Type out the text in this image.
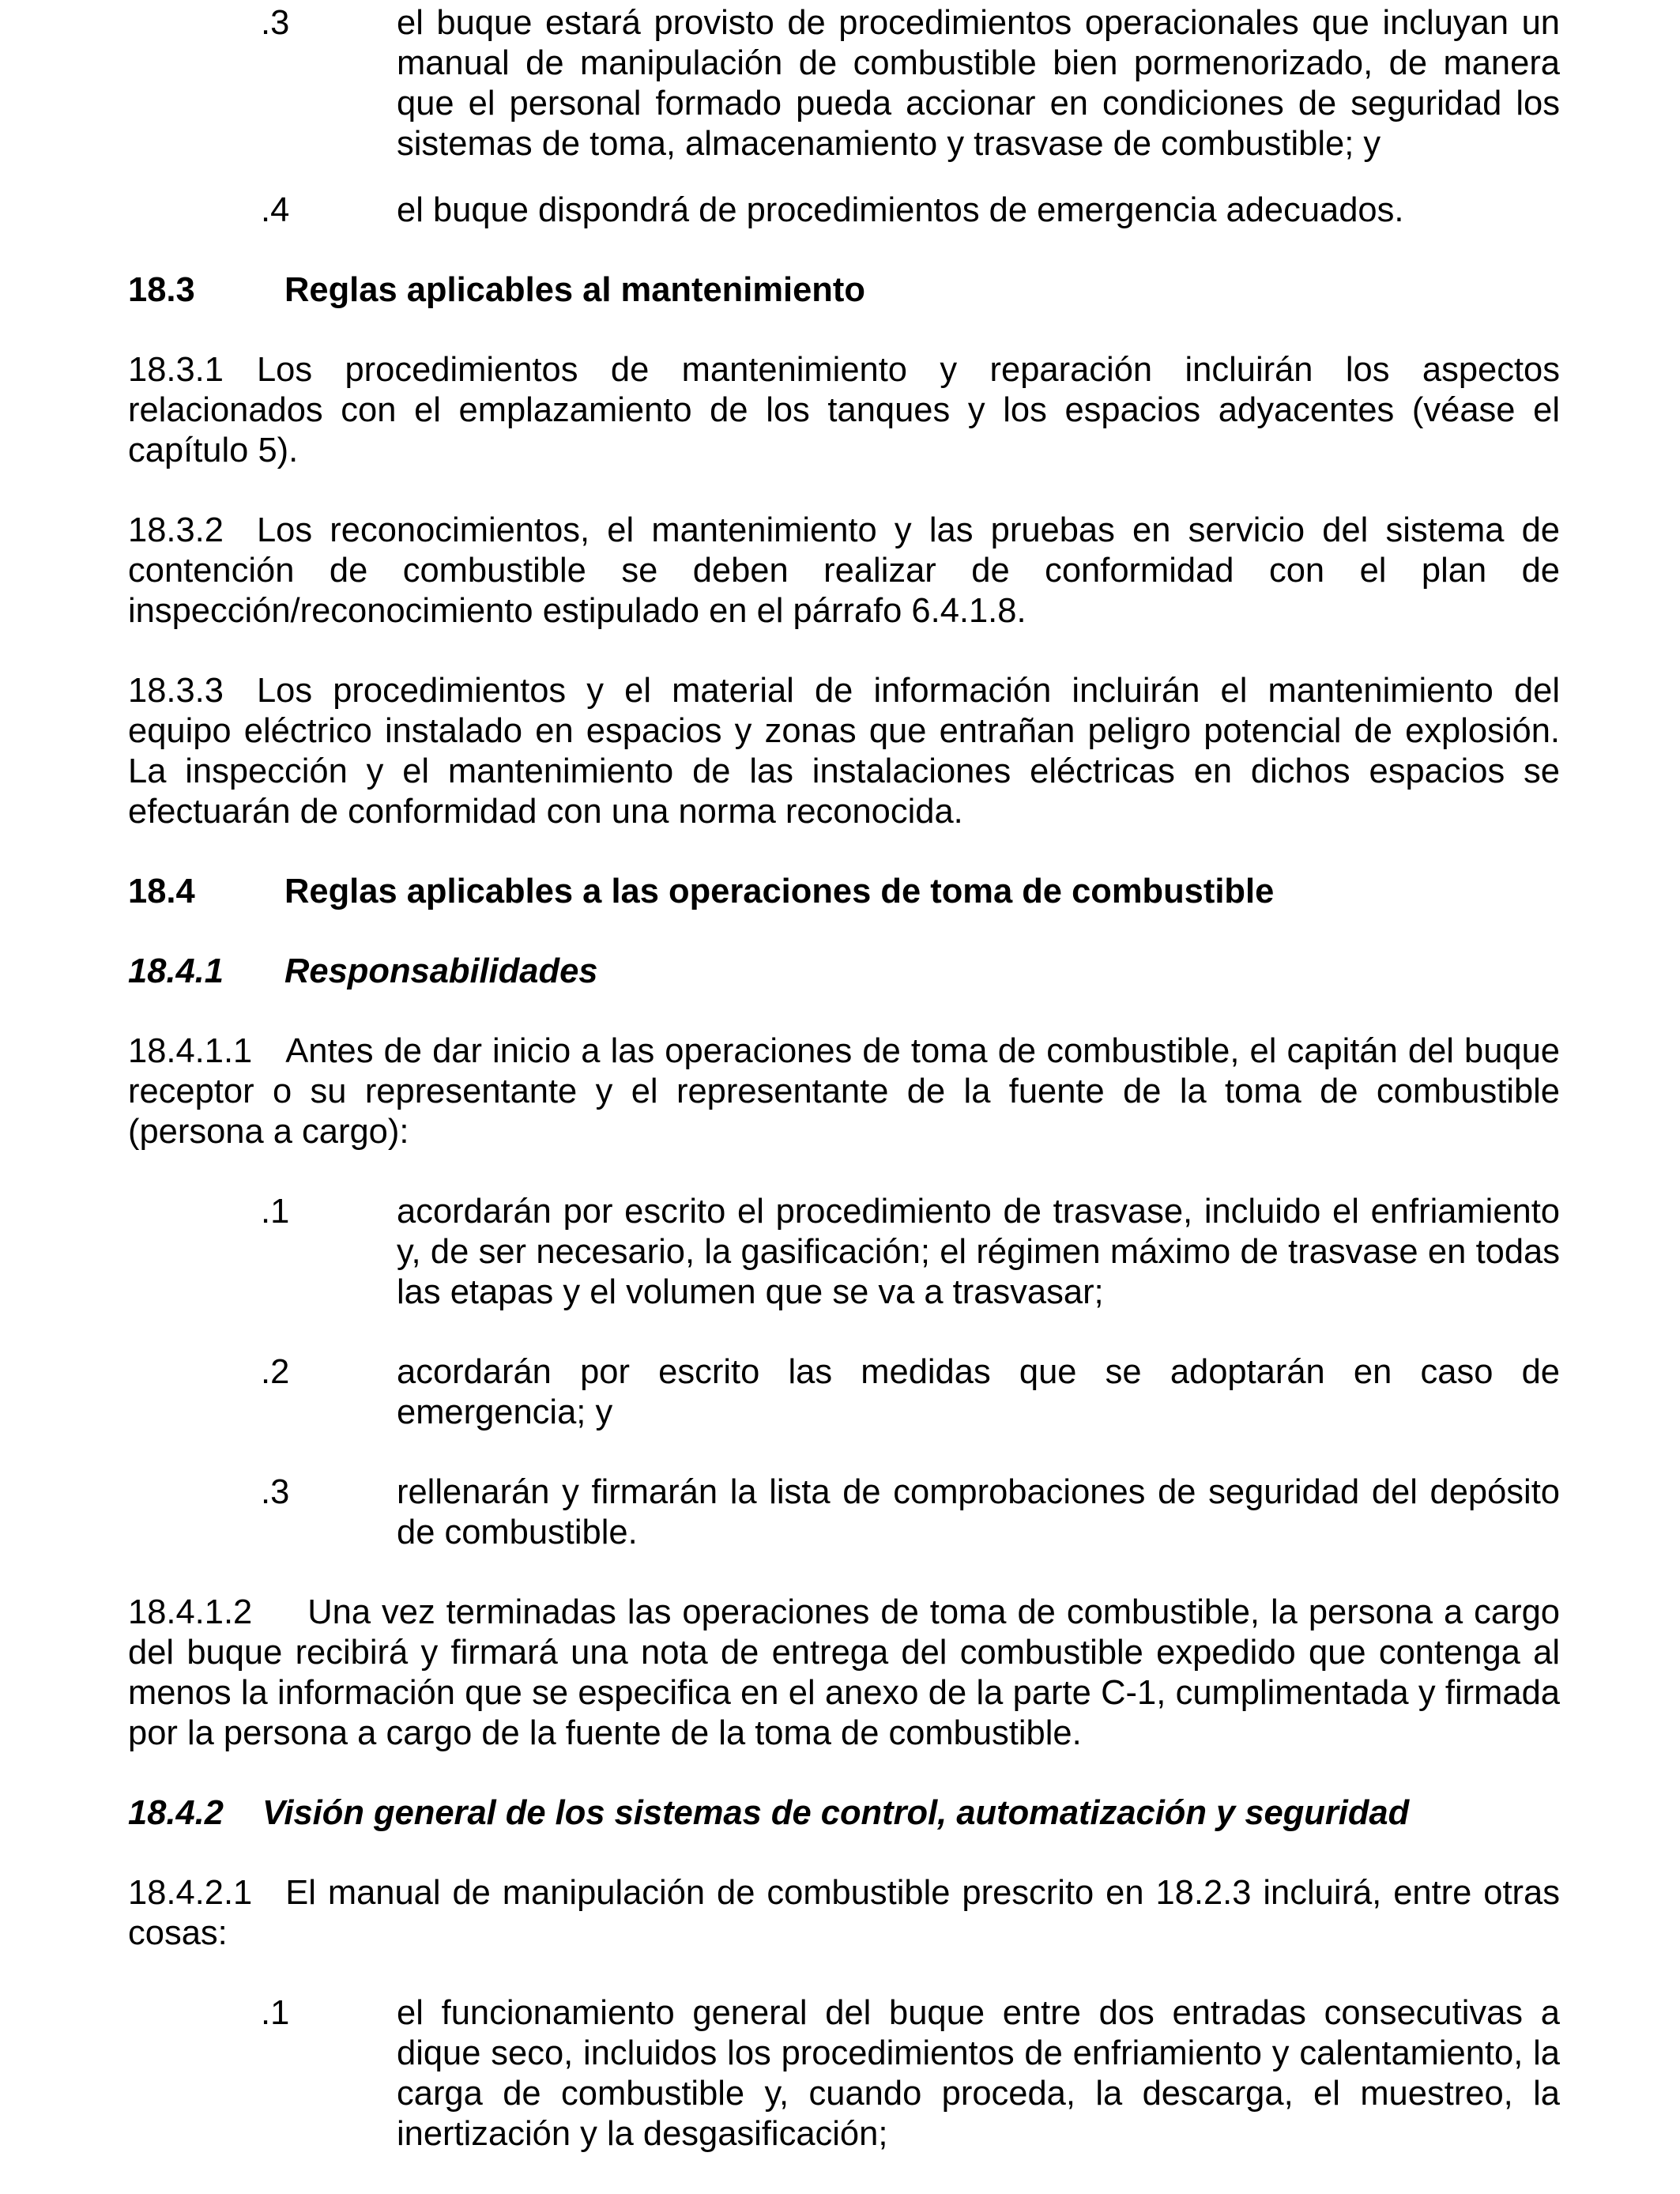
.3	el buque estará provisto de procedimientos operacionales que incluyan un manual de manipulación de combustible bien pormenorizado, de manera que el personal formado pueda accionar en condiciones de seguridad los sistemas de toma, almacenamiento y trasvase de combustible; y
.4	el buque dispondrá de procedimientos de emergencia adecuados.
18.3	Reglas aplicables al mantenimiento

18.3.1 Los procedimientos de mantenimiento y reparación incluirán los aspectos relacionados con el emplazamiento de los tanques y los espacios adyacentes (véase el capítulo 5).

18.3.2 Los reconocimientos, el mantenimiento y las pruebas en servicio del sistema de contención de combustible se deben realizar de conformidad con el plan de inspección/reconocimiento estipulado en el párrafo 6.4.1.8.

18.3.3 Los procedimientos y el material de información incluirán el mantenimiento del equipo eléctrico instalado en espacios y zonas que entrañan peligro potencial de explosión. La inspección y el mantenimiento de las instalaciones eléctricas en dichos espacios se efectuarán de conformidad con una norma reconocida.

18.4	Reglas aplicables a las operaciones de toma de combustible
18.4.1	Responsabilidades

18.4.1.1 Antes de dar inicio a las operaciones de toma de combustible, el capitán del buque receptor o su representante y el representante de la fuente de la toma de combustible (persona a cargo):

.1	acordarán por escrito el procedimiento de trasvase, incluido el enfriamiento y, de ser necesario, la gasificación; el régimen máximo de trasvase en todas las etapas y el volumen que se va a trasvasar;
.2	acordarán por escrito las medidas que se adoptarán en caso de emergencia; y
.3	rellenarán y firmarán la lista de comprobaciones de seguridad del depósito de combustible.

18.4.1.2 Una vez terminadas las operaciones de toma de combustible, la persona a cargo del buque recibirá y firmará una nota de entrega del combustible expedido que contenga al menos la información que se especifica en el anexo de la parte C-1, cumplimentada y firmada por la persona a cargo de la fuente de la toma de combustible.

18.4.2	Visión general de los sistemas de control, automatización y seguridad

18.4.2.1 El manual de manipulación de combustible prescrito en 18.2.3 incluirá, entre otras cosas:

.1	el funcionamiento general del buque entre dos entradas consecutivas a dique seco, incluidos los procedimientos de enfriamiento y calentamiento, la carga de combustible y, cuando proceda, la descarga, el muestreo, la inertización y la desgasificación;
